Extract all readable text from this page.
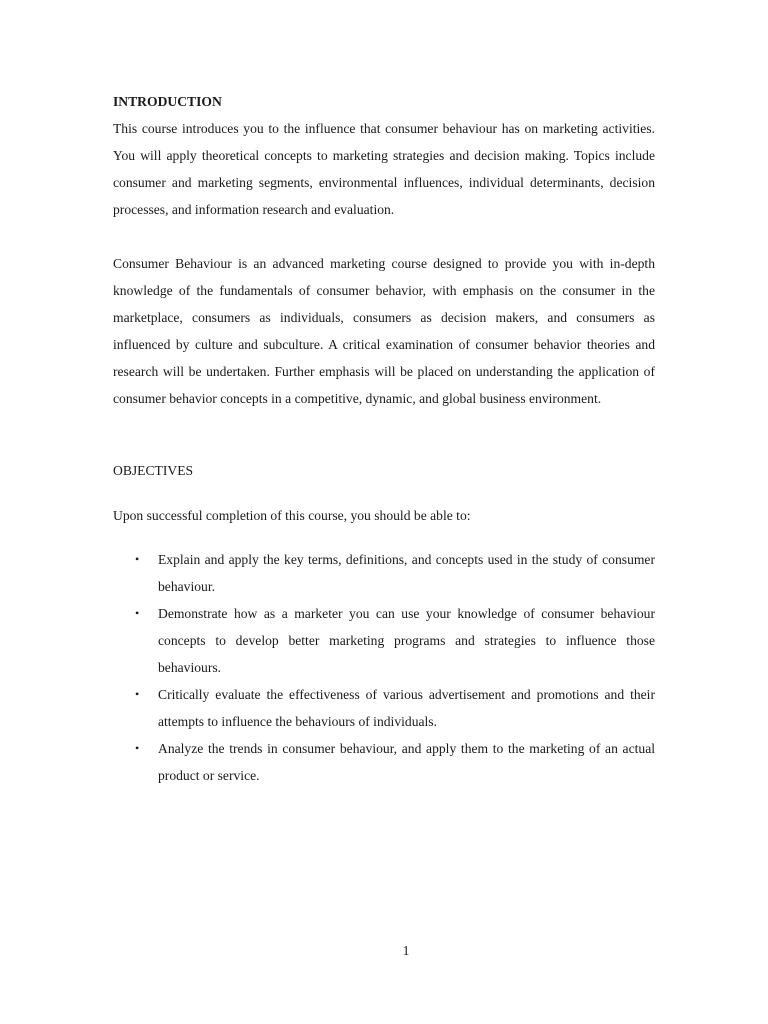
INTRODUCTION

This course introduces you to the influence that consumer behaviour has on marketing activities. You will apply theoretical concepts to marketing strategies and decision making. Topics include consumer and marketing segments, environmental influences, individual determinants, decision processes, and information research and evaluation.

Consumer Behaviour is an advanced marketing course designed to provide you with in-depth knowledge of the fundamentals of consumer behavior, with emphasis on the consumer in the marketplace, consumers as individuals, consumers as decision makers, and consumers as influenced by culture and subculture. A critical examination of consumer behavior theories and research will be undertaken. Further emphasis will be placed on understanding the application of consumer behavior concepts in a competitive, dynamic, and global business environment.

OBJECTIVES

Upon successful completion of this course, you should be able to:

• Explain and apply the key terms, definitions, and concepts used in the study of consumer behaviour.
• Demonstrate how as a marketer you can use your knowledge of consumer behaviour concepts to develop better marketing programs and strategies to influence those behaviours.
• Critically evaluate the effectiveness of various advertisement and promotions and their attempts to influence the behaviours of individuals.
• Analyze the trends in consumer behaviour, and apply them to the marketing of an actual product or service.
1
